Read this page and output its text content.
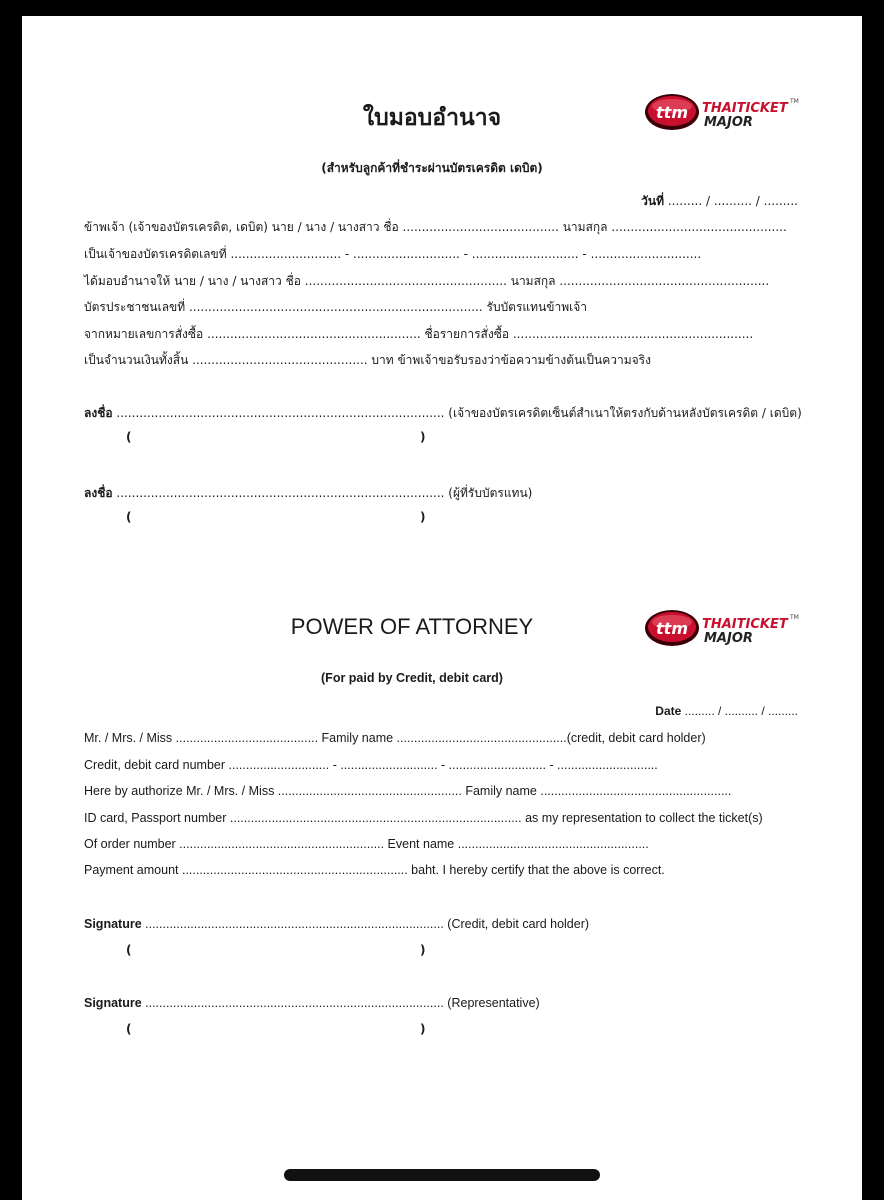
ttm THAITICKET
MAJOR
TM
ใบมอบอำนาจ
(สำหรับลูกค้าที่ชำระผ่านบัตรเครดิต เดบิต)
วันที่ ......... / .......... / .........
ข้าพเจ้า (เจ้าของบัตรเครดิต, เดบิต) นาย / นาง / นางสาว ชื่อ ......................................... นามสกุล ..............................................
เป็นเจ้าของบัตรเครดิตเลขที่ ............................. - ............................ - ............................ - .............................
ได้มอบอำนาจให้ นาย / นาง / นางสาว ชื่อ ..................................................... นามสกุล .......................................................
บัตรประชาชนเลขที่ ............................................................................. รับบัตรแทนข้าพเจ้า
จากหมายเลขการสั่งซื้อ ........................................................ ชื่อรายการสั่งซื้อ ...............................................................
เป็นจำนวนเงินทั้งสิ้น .............................................. บาท ข้าพเจ้าขอรับรองว่าข้อความข้างต้นเป็นความจริง
ลงชื่อ ...................................................................................... (เจ้าของบัตรเครดิตเซ็นต์สำเนาให้ตรงกับด้านหลังบัตรเครดิต / เดบิต)
(	)
ลงชื่อ ...................................................................................... (ผู้ที่รับบัตรแทน)
(	)
ttm THAITICKET
MAJOR
TM
POWER OF ATTORNEY
(For paid by Credit, debit card)
Date ......... / .......... / .........
Mr. / Mrs. / Miss ......................................... Family name .................................................(credit, debit card holder)
Credit, debit card number ............................. - ............................ - ............................ - .............................
Here by authorize Mr. / Mrs. / Miss ..................................................... Family name .......................................................
ID card, Passport number .................................................................................... as my representation to collect the ticket(s)
Of order number ........................................................... Event name .......................................................
Payment amount ................................................................. baht. I hereby certify that the above is correct.
Signature ...................................................................................... (Credit, debit card holder)
(	)
Signature ...................................................................................... (Representative)
(	)
